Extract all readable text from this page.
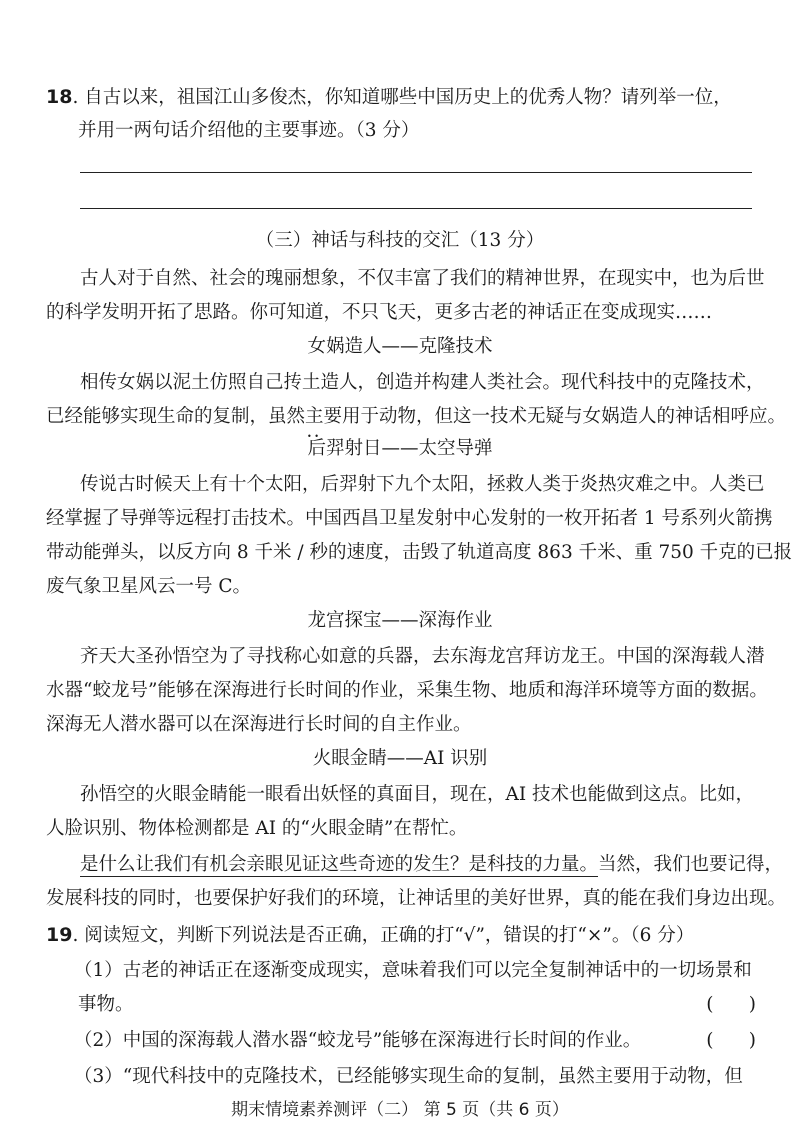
18. 自古以来，祖国江山多俊杰，你知道哪些中国历史上的优秀人物？请列举一位，
并用一两句话介绍他的主要事迹。（3 分）
（三）神话与科技的交汇（13 分）
古人对于自然、社会的瑰丽想象，不仅丰富了我们的精神世界，在现实中，也为后世
的科学发明开拓了思路。你可知道，不只飞天，更多古老的神话正在变成现实……
女娲造人——克隆技术
相传女娲以泥土仿照自己抟土造人，创造并构建人类社会。现代科技中的克隆技术，
已经能够实现生命的复制，虽然主要 • •用于动物，但这一技术无疑与女娲造人的神话相呼应。
后羿射日——太空导弹
传说古时候天上有十个太阳，后羿射下九个太阳，拯救人类于炎热灾难之中。人类已
经掌握了导弹等远程打击技术。中国西昌卫星发射中心发射的一枚开拓者 1 号系列火箭携
带动能弹头，以反方向 8 千米 / 秒的速度，击毁了轨道高度 863 千米、重 750 千克的已报
废气象卫星风云一号 C。
龙宫探宝——深海作业
齐天大圣孙悟空为了寻找称心如意的兵器，去东海龙宫拜访龙王。中国的深海载人潜
水器“蛟龙号”能够在深海进行长时间的作业，采集生物、地质和海洋环境等方面的数据。
深海无人潜水器可以在深海进行长时间的自主作业。
火眼金睛——AI 识别
孙悟空的火眼金睛能一眼看出妖怪的真面目，现在，AI 技术也能做到这点。比如，
人脸识别、物体检测都是 AI 的“火眼金睛”在帮忙。
是什么让我们有机会亲眼见证这些奇迹的发生？是科技的力量。当然，我们也要记得，
发展科技的同时，也要保护好我们的环境，让神话里的美好世界，真的能在我们身边出现。
19. 阅读短文，判断下列说法是否正确，正确的打“√”，错误的打“×”。（6 分）
（1）古老的神话正在逐渐变成现实，意味着我们可以完全复制神话中的一切场景和
事物。	(      )
（2）中国的深海载人潜水器“蛟龙号”能够在深海进行长时间的作业。	(      )
（3）“现代科技中的克隆技术，已经能够实现生命的复制，虽然主要用于动物，但
期末情境素养测评（二） 第 5 页（共 6 页）
